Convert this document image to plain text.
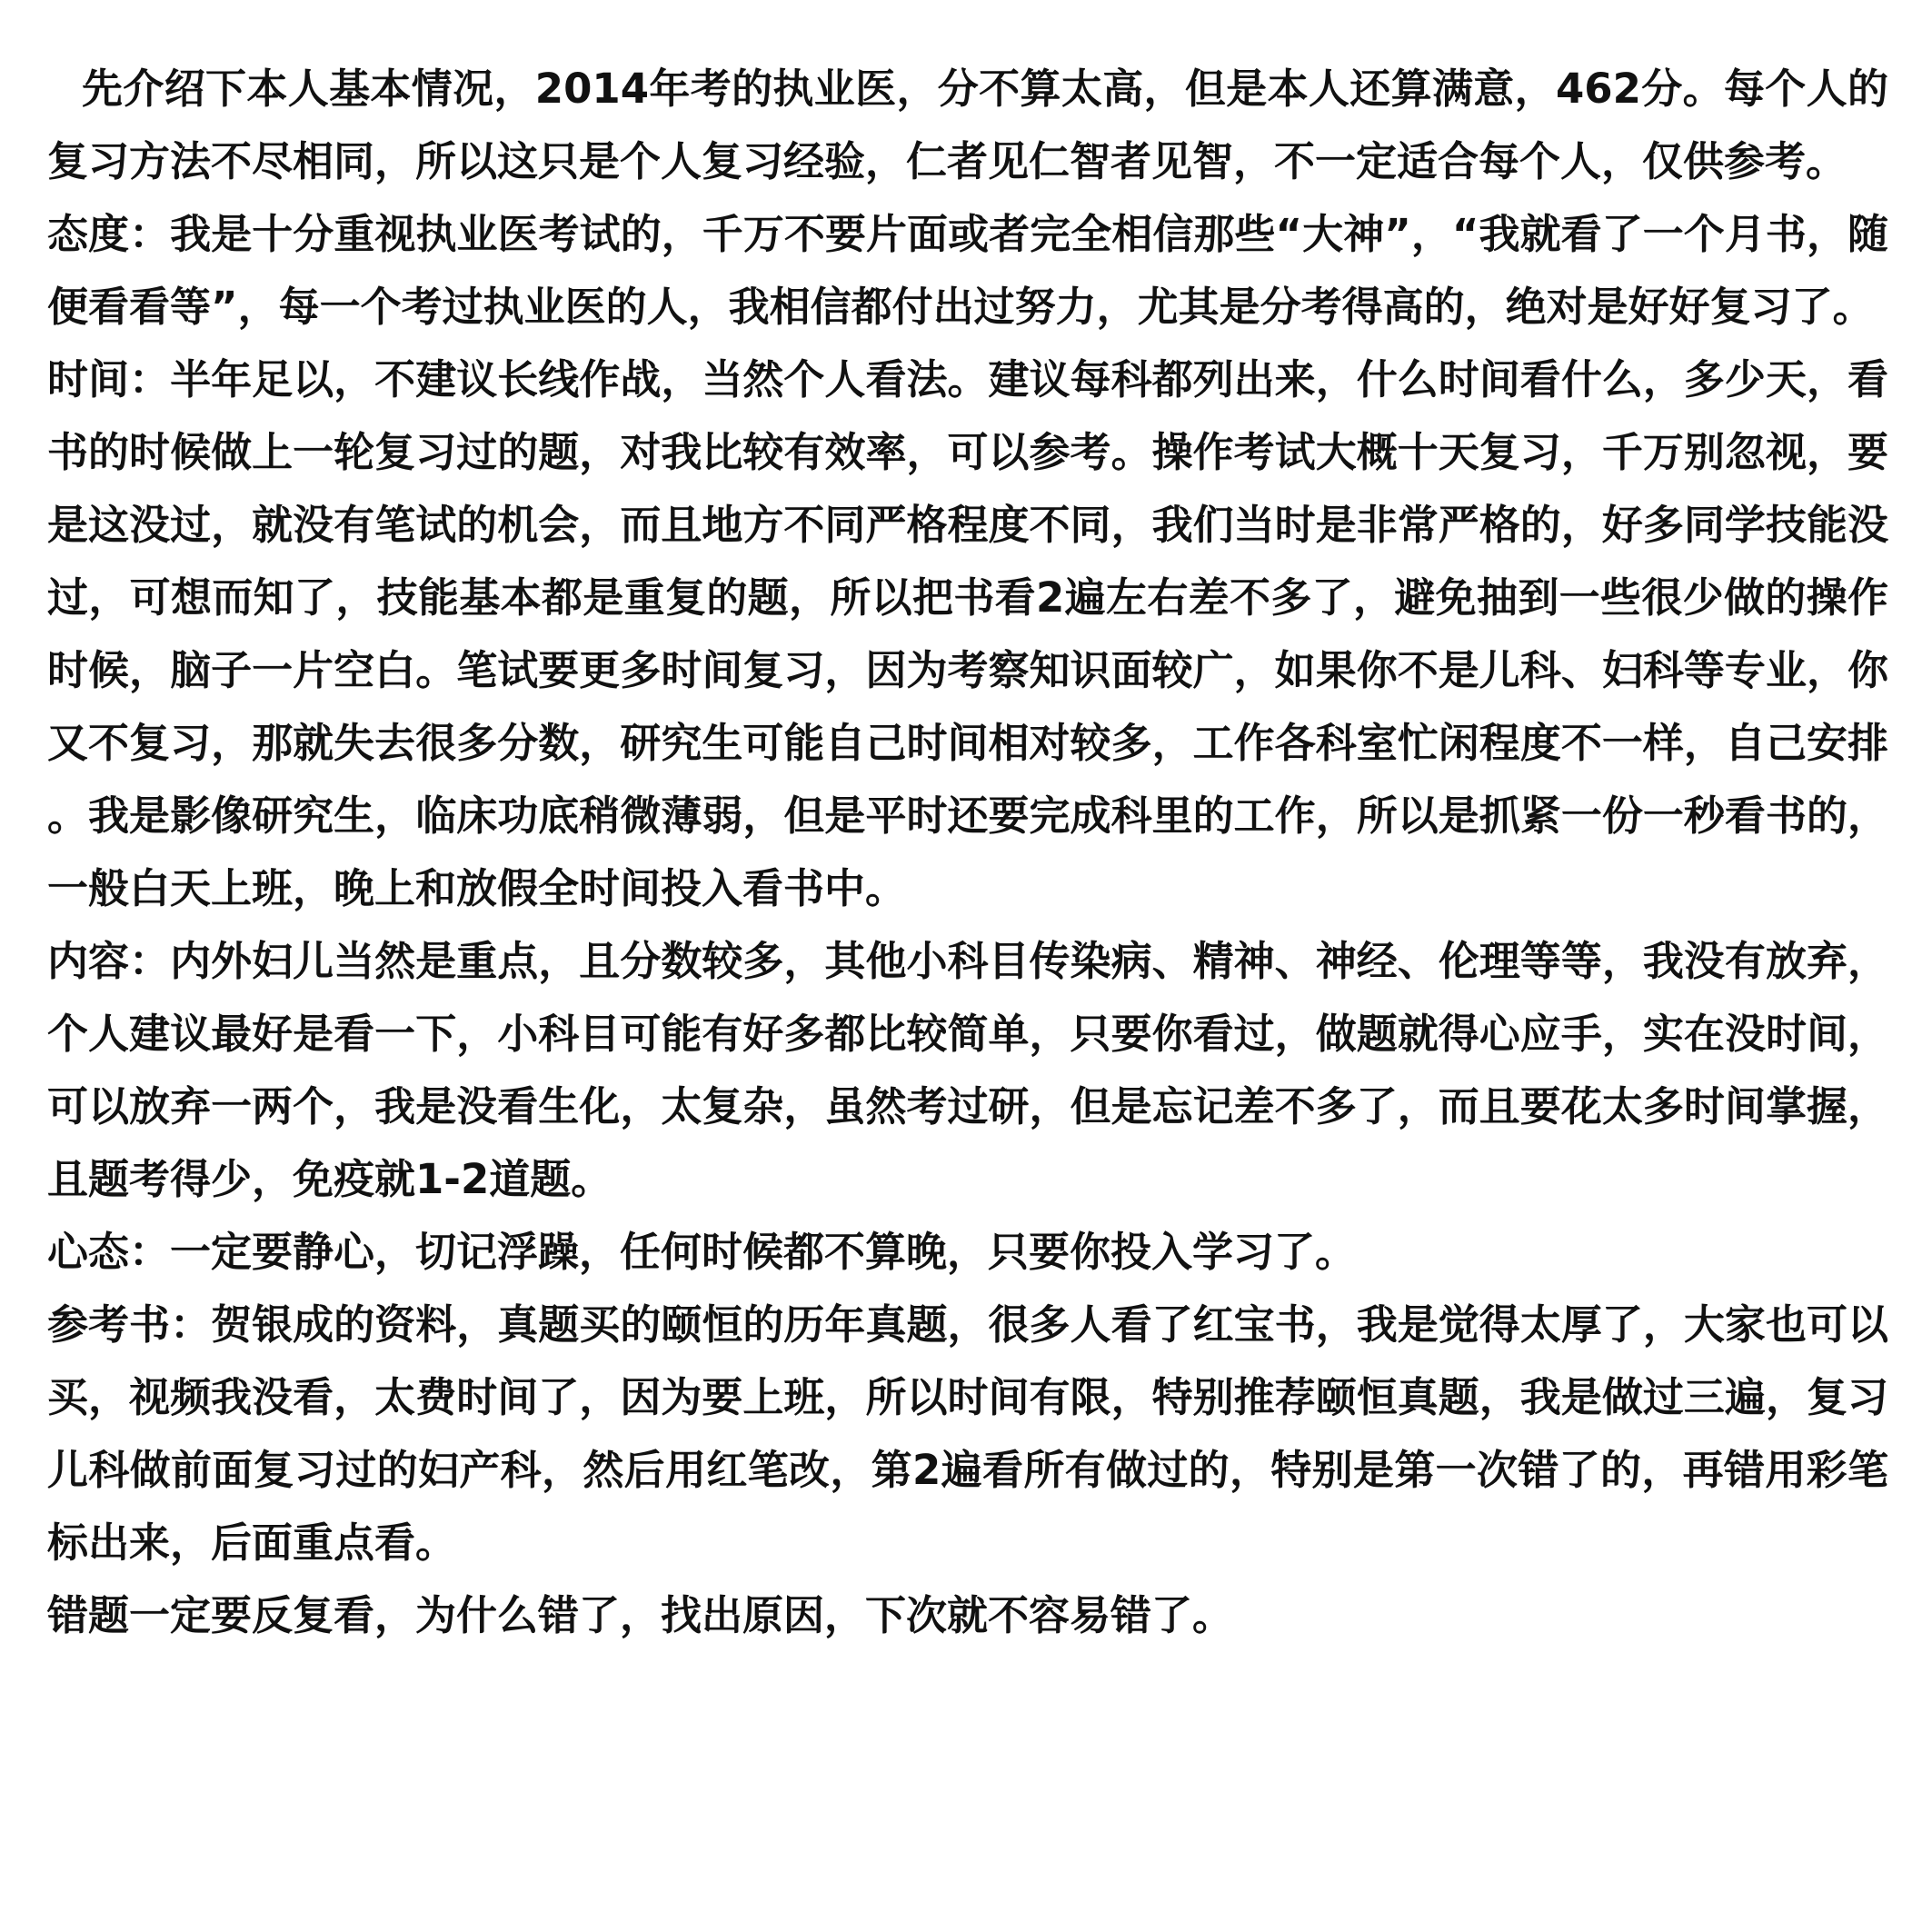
先介绍下本人基本情况，2014年考的执业医，分不算太高，但是本人还算满意，462分。每个人的复习方法不尽相同，所以这只是个人复习经验，仁者见仁智者见智，不一定适合每个人，仅供参考。

态度：我是十分重视执业医考试的，千万不要片面或者完全相信那些“大神”，“我就看了一个月书，随便看看等”，每一个考过执业医的人，我相信都付出过努力，尤其是分考得高的，绝对是好好复习了。

时间：半年足以，不建议长线作战，当然个人看法。建议每科都列出来，什么时间看什么，多少天，看书的时候做上一轮复习过的题，对我比较有效率，可以参考。操作考试大概十天复习，千万别忽视，要是这没过，就没有笔试的机会，而且地方不同严格程度不同，我们当时是非常严格的，好多同学技能没过，可想而知了，技能基本都是重复的题，所以把书看2遍左右差不多了，避免抽到一些很少做的操作时候，脑子一片空白。笔试要更多时间复习，因为考察知识面较广，如果你不是儿科、妇科等专业，你又不复习，那就失去很多分数，研究生可能自己时间相对较多，工作各科室忙闲程度不一样，自己安排。我是影像研究生，临床功底稍微薄弱，但是平时还要完成科里的工作，所以是抓紧一份一秒看书的，一般白天上班，晚上和放假全时间投入看书中。

内容：内外妇儿当然是重点，且分数较多，其他小科目传染病、精神、神经、伦理等等，我没有放弃，个人建议最好是看一下，小科目可能有好多都比较简单，只要你看过，做题就得心应手，实在没时间，可以放弃一两个，我是没看生化，太复杂，虽然考过研，但是忘记差不多了，而且要花太多时间掌握，且题考得少，免疫就1-2道题。

心态：一定要静心，切记浮躁，任何时候都不算晚，只要你投入学习了。

参考书：贺银成的资料，真题买的颐恒的历年真题，很多人看了红宝书，我是觉得太厚了，大家也可以买，视频我没看，太费时间了，因为要上班，所以时间有限，特别推荐颐恒真题，我是做过三遍，复习儿科做前面复习过的妇产科，然后用红笔改，第2遍看所有做过的，特别是第一次错了的，再错用彩笔标出来，后面重点看。

错题一定要反复看，为什么错了，找出原因，下次就不容易错了。
